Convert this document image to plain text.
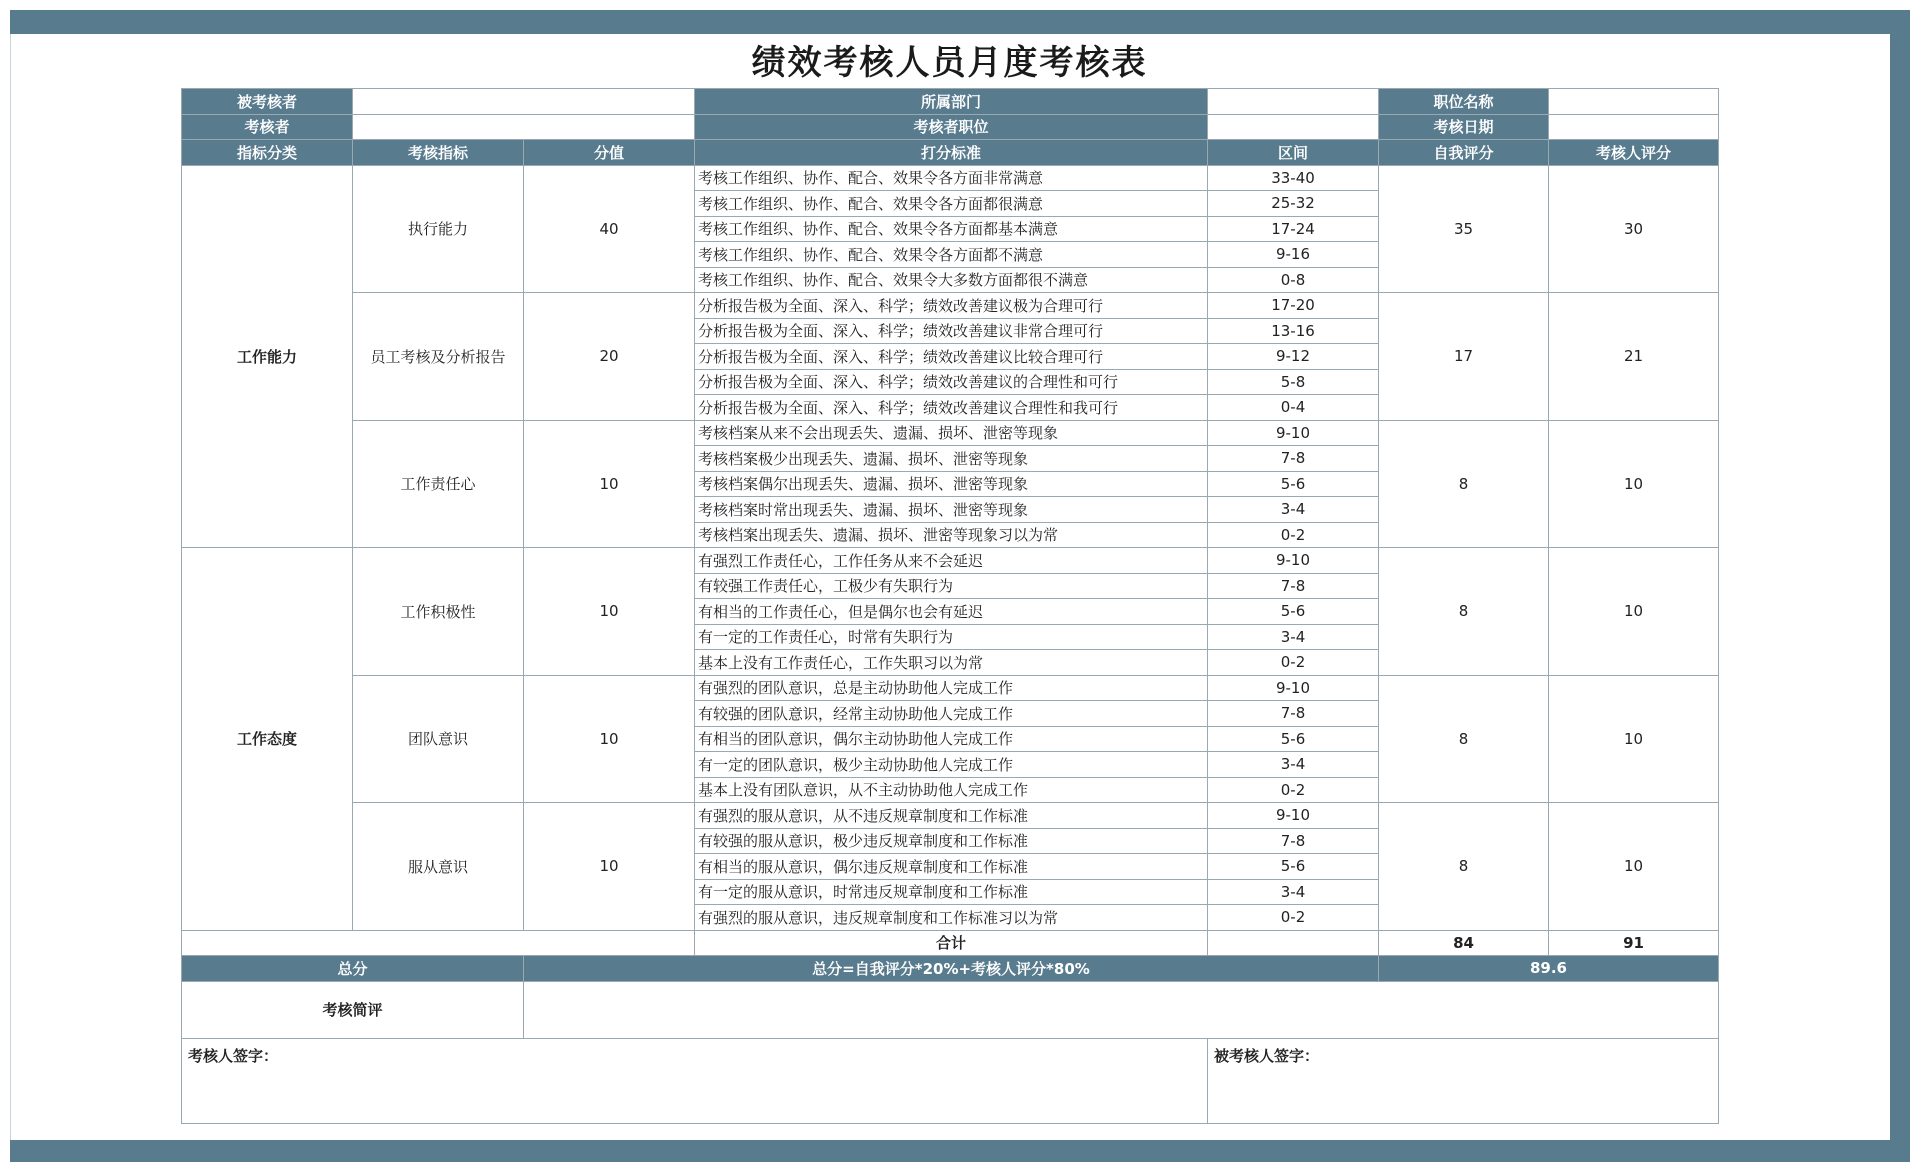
绩效考核人员月度考核表
被考核者			所属部门		职位名称	
考核者			考核者职位		考核日期	
指标分类	考核指标	分值	打分标准	区间	自我评分	考核人评分
工作能力	执行能力	40	考核工作组织、协作、配合、效果令各方面非常满意	33-40	35	30
			考核工作组织、协作、配合、效果令各方面都很满意	25-32		
			考核工作组织、协作、配合、效果令各方面都基本满意	17-24		
			考核工作组织、协作、配合、效果令各方面都不满意	9-16		
			考核工作组织、协作、配合、效果令大多数方面都很不满意	0-8		
	员工考核及分析报告	20	分析报告极为全面、深入、科学；绩效改善建议极为合理可行	17-20	17	21
			分析报告极为全面、深入、科学；绩效改善建议非常合理可行	13-16		
			分析报告极为全面、深入、科学；绩效改善建议比较合理可行	9-12		
			分析报告极为全面、深入、科学；绩效改善建议的合理性和可行	5-8		
			分析报告极为全面、深入、科学；绩效改善建议合理性和我可行	0-4		
	工作责任心	10	考核档案从来不会出现丢失、遗漏、损坏、泄密等现象	9-10	8	10
			考核档案极少出现丢失、遗漏、损坏、泄密等现象	7-8		
			考核档案偶尔出现丢失、遗漏、损坏、泄密等现象	5-6		
			考核档案时常出现丢失、遗漏、损坏、泄密等现象	3-4		
			考核档案出现丢失、遗漏、损坏、泄密等现象习以为常	0-2		
工作态度	工作积极性	10	有强烈工作责任心，工作任务从来不会延迟	9-10	8	10
			有较强工作责任心，工极少有失职行为	7-8		
			有相当的工作责任心，但是偶尔也会有延迟	5-6		
			有一定的工作责任心，时常有失职行为	3-4		
			基本上没有工作责任心，工作失职习以为常	0-2		
	团队意识	10	有强烈的团队意识，总是主动协助他人完成工作	9-10	8	10
			有较强的团队意识，经常主动协助他人完成工作	7-8		
			有相当的团队意识，偶尔主动协助他人完成工作	5-6		
			有一定的团队意识，极少主动协助他人完成工作	3-4		
			基本上没有团队意识，从不主动协助他人完成工作	0-2		
	服从意识	10	有强烈的服从意识，从不违反规章制度和工作标准	9-10	8	10
			有较强的服从意识，极少违反规章制度和工作标准	7-8		
			有相当的服从意识，偶尔违反规章制度和工作标准	5-6		
			有一定的服从意识，时常违反规章制度和工作标准	3-4		
			有强烈的服从意识，违反规章制度和工作标准习以为常	0-2		
			合计		84	91
总分		总分=自我评分*20%+考核人评分*80%			89.6	
考核简评						
考核人签字：				被考核人签字：		
